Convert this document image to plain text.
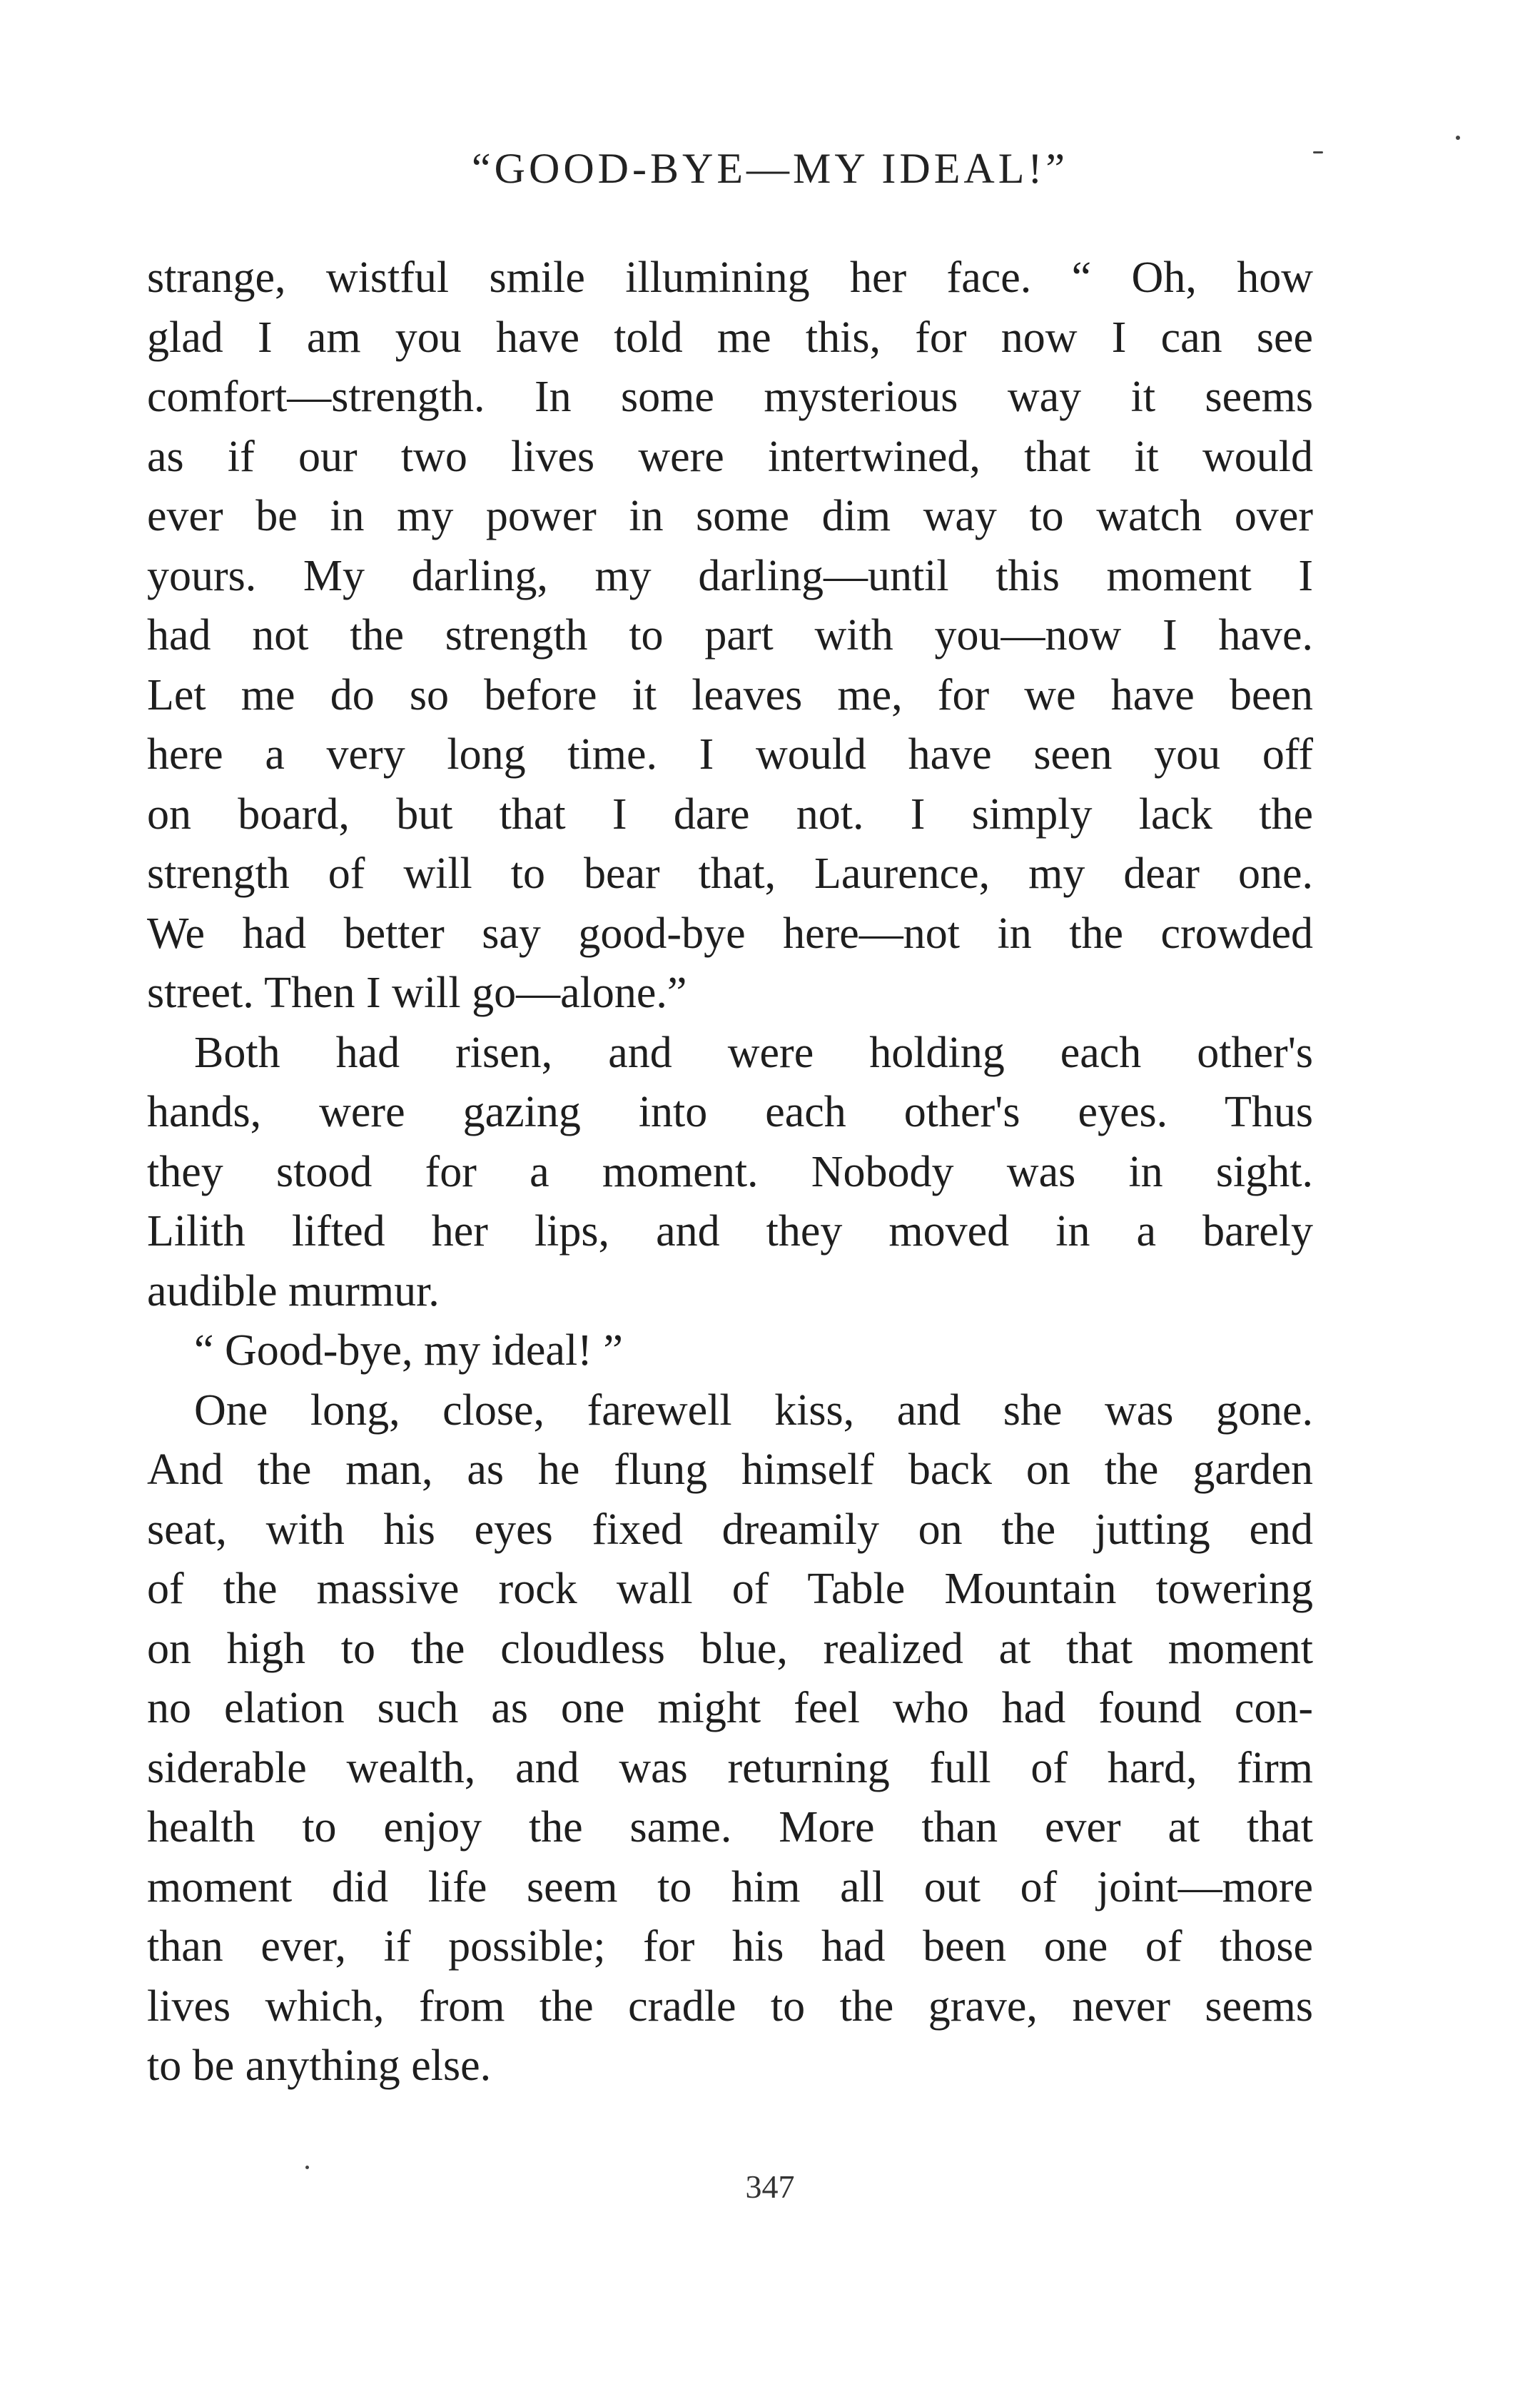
“GOOD-BYE—MY IDEAL!”
strange, wistful smile illumining her face. “ Oh, how
glad I am you have told me this, for now I can see
comfort—strength. In some mysterious way it seems
as if our two lives were intertwined, that it would
ever be in my power in some dim way to watch over
yours. My darling, my darling—until this moment I
had not the strength to part with you—now I have.
Let me do so before it leaves me, for we have been
here a very long time. I would have seen you off
on board, but that I dare not. I simply lack the
strength of will to bear that, Laurence, my dear one.
We had better say good-bye here—not in the crowded
street. Then I will go—alone.”
Both had risen, and were holding each other's
hands, were gazing into each other's eyes. Thus
they stood for a moment. Nobody was in sight.
Lilith lifted her lips, and they moved in a barely
audible murmur.
“ Good-bye, my ideal! ”
One long, close, farewell kiss, and she was gone.
And the man, as he flung himself back on the garden
seat, with his eyes fixed dreamily on the jutting end
of the massive rock wall of Table Mountain towering
on high to the cloudless blue, realized at that moment
no elation such as one might feel who had found con-
siderable wealth, and was returning full of hard, firm
health to enjoy the same. More than ever at that
moment did life seem to him all out of joint—more
than ever, if possible; for his had been one of those
lives which, from the cradle to the grave, never seems
to be anything else.
347
